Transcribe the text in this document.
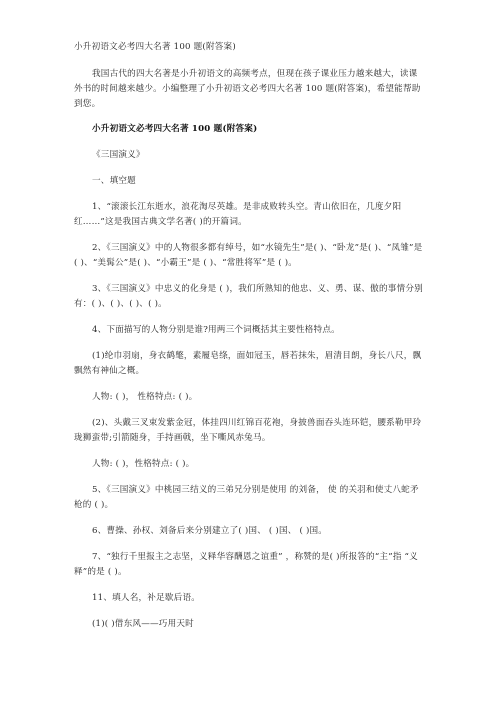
小升初语文必考四大名著 100 题(附答案)

我国古代的四大名著是小升初语文的高频考点，但现在孩子课业压力越来越大，读课外书的时间越来越少。小编整理了小升初语文必考四大名著 100 题(附答案)，希望能帮助到您。

小升初语文必考四大名著 100 题(附答案)

《三国演义》

一、填空题

1、“滚滚长江东逝水，浪花淘尽英雄。是非成败转头空。青山依旧在，几度夕阳红……”这是我国古典文学名著( )的开篇词。

2、《三国演义》中的人物很多都有绰号，如“水镜先生”是( )、“卧龙”是( )、“凤雏”是( )、“美髯公”是( )、“小霸王”是 ( )、“常胜将军”是 ( )。

3、《三国演义》中忠义的化身是 ( )，我们所熟知的他忠、义、勇、谋、傲的事情分别有：( )、( )、( )、( )。

4、下面描写的人物分别是谁?用两三个词概括其主要性格特点。

(1)纶巾羽扇，身衣鹤氅，素履皂绦，面如冠玉，唇若抹朱，眉清目朗，身长八尺，飘飘然有神仙之概。

人物: ( )， 性格特点: ( )。

(2)、头戴三叉束发紫金冠，体挂四川红锦百花袍，身披兽面吞头连环铠，腰系勒甲玲珑狮蛮带;引箭随身，手持画戟，坐下嘶风赤兔马。

人物: ( )，性格特点: ( )。

5、《三国演义》中桃园三结义的三弟兄分别是使用 的刘备， 使 的关羽和使丈八蛇矛枪的 ( )。

6、曹操、孙权、刘备后来分别建立了( )国、 ( )国、 ( )国。

7、“独行千里报主之志坚，义释华容酬恩之谊重” ，称赞的是( )所报答的“主”指 “义释”的是 ( )。

11、填人名，补足歇后语。

(1)( )借东风——巧用天时
